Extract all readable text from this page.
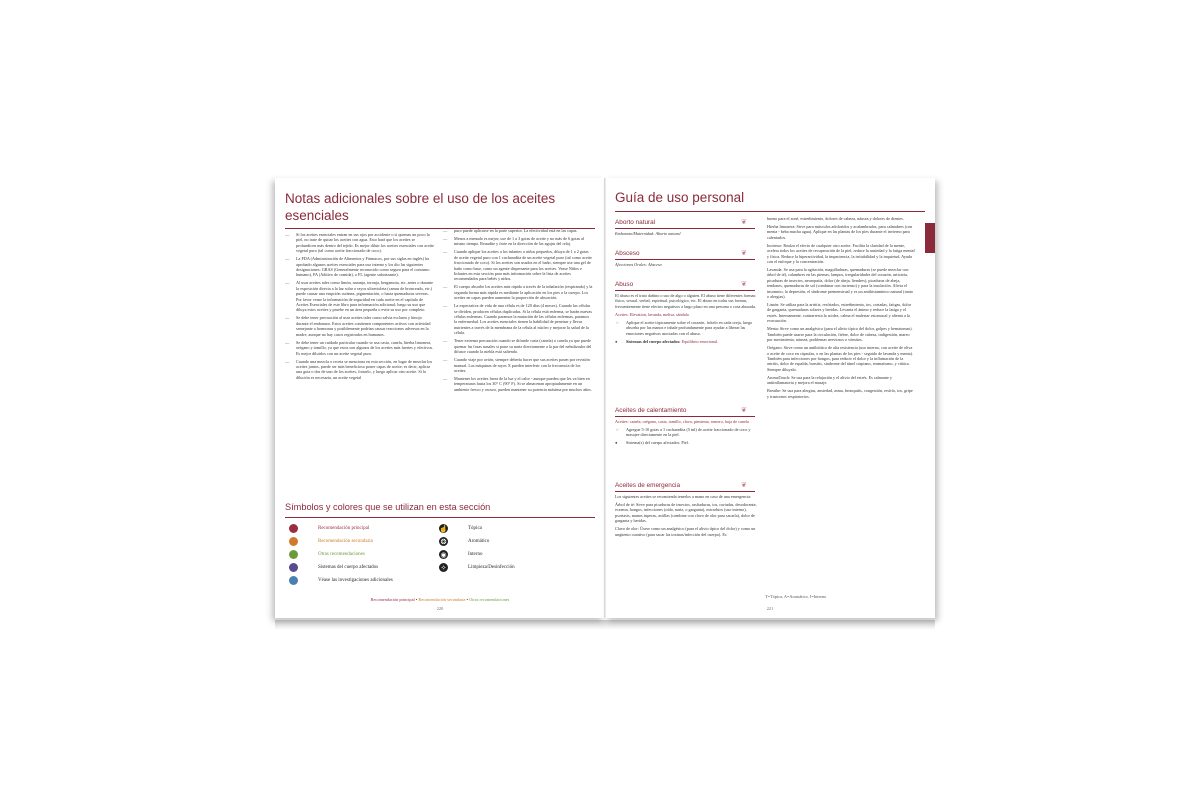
Notas adicionales sobre el uso de los aceites esenciales
—	Si los aceites esenciales entran en sus ojos por accidente o si quemas un poco la piel, no trate de quitar los aceites con agua. Esto hará que los aceites se profundicen más dentro del tejido. Es mejor diluir los aceites esenciales con aceite vegetal puro (tal como aceite fraccionado de coco).
—	La FDA (Administración de Alimentos y Fármacos, por sus siglas en inglés) ha aprobado algunos aceites esenciales para uso interno y los dio las siguientes designaciones: GRAS (Generalmente reconocido como seguro para el consumo humano), FA (Aditivo de comida), o FL (agente saborizante).
—	Al usar aceites tales como limón, naranja, toronja, bergamota, etc. antes o durante la exposición directa a la luz solar o rayos ultravioleta (camas de bronceado, etc.) puede causar una erupción cutánea, pigmentación, o hasta quemaduras severas. Por favor vease la información de seguridad en cada aceite en el capítulo de Aceites Esenciales de este libro para información adicional; luego su uso que diluya estos aceites y pruebe en un área pequeña o evite su uso por completo.
—	Se debe tener precaución al usar aceites tales como salvia esclarea y hinojo durante el embarazo. Estos aceites contienen componentes activos con actividad semejante a hormonas y posiblemente podrían causar reacciones adversas en la madre, aunque no hay casos registrados en humanos.
—	Se debe tener un cuidado particular cuando se usa casia, canela, hierba limonera, orégano y tomillo, ya que estos son algunos de los aceites más fuertes y efectivos. Es mejor diluirlos con un aceite vegetal puro.
—	Cuando una mezcla o receta se menciona en esta sección, en lugar de mezclar los aceites juntos, puede ser más beneficioso poner capas de aceite; es decir, aplicar una gota o dos de uno de los aceites, frotarlo, y luego aplicar otro aceite. Si la dilución es necesaria, un aceite vegetal
—	puro puede aplicarse en la parte superior. La efectividad está en las capas.
—	Menos a menudo es mejor; use de 1 a 3 gotas de aceite y no más de 6 gotas al mismo tiempo. Reaudite y frote en la dirección de las agujas del reloj.
—	Cuando aplique los aceites a los infantes o niños pequeños, diluya de 1 a 2 gotas de aceite vegetal puro con 1 cucharadita de un aceite vegetal puro (tal como aceite fraccionado de coco). Si los aceites son usados en el baño, siempre use una gel de baño como base, como un agente dispersante para los aceites. Vease Niños e Infantes en esta sección para más información sobre la lista de aceites recomendados para bebés y niños.
—	El cuerpo absorbe los aceites más rápido a través de la inhalación (respirando) y la segunda forma más rápida es mediante la aplicación en los pies o la cuerpo. Los aceites en capas pueden aumentar la proporción de absorción.
—	La expectativa de vida de una célula es de 120 días (4 meses). Cuando las células se dividen, producen células duplicadas. Si la célula está enferma, se harán nuevas células enfermas. Cuando paramos la mutación de las células enfermas, paramos la enfermedad. Los aceites esenciales tienen la habilidad de penetrar y llevar nutrientes a través de la membrana de la célula al núcleo y mejorar la salud de la célula.
—	Tener extrema precaución cuando se difunde casia (canela) o canela ya que puede quemar las fosas nasales si pone su nariz directamente a la par del nebulizador del difusor cuando la niebla está saliendo.
—	Cuando viaje por avión, siempre debería hacer que sus aceites pasen por revisión manual. Las máquinas de rayos X pueden interferir con la frecuencia de los aceites.
—	Mantener los aceites fuera de la luz y el calor - aunque pueden que les va bien en temperaturas hasta los 30° C (90° F). Si se almacenan apropiadamente en un ambiente fresco y oscuro, pueden mantener su potencia máxima por muchos años.
Símbolos y colores que se utilizan en esta sección
Recomendación principal
Recomendación secundaria
Otras recomendaciones
Sistemas del cuerpo afectados
Véase las investigaciones adicionales
☝	Tópica
❂	Aromático
◉	Interno
✧	Limpieza/Desinfección
Recomendación principal • Recomendación secundaria • Otras recomendaciones
220
Guía de uso personal
Aborto natural	❦
Embarazo/Maternidad: Aborto natural
Absceso	❦
Afecciones Orales: Absceso
Abuso	❦

El abuso es el trato dañino o uso de algo o alguien. El abuso tiene diferentes formas: físico, sexual, verbal, espiritual, psicológico, etc. El abuso en todas sus formas, frecuentemente tiene efectos negativos a largo plazo en una persona o cosa abusada.

Aceites: Elevation, lavanda, melisa, sándalo

☜	Aplique el aceite tópicamente sobre el corazón, frótelo en cada oreja, luego absorba por las manos e inhale profundamente para ayudar a liberar las emociones negativas asociadas con el abuso.
●	Sistemas del cuerpo afectados: Equilibrio emocional.
Aceites de calentamiento	❦

Aceites: canela, orégano, casia, tomillo, clavo, pimienta, romero, hoja de canela

☜	Agregue 5-10 gotas a 1 cucharadita (5 ml) de aceite fraccionado de coco y masajee directamente en la piel.
●	Sistema(s) del cuerpo afectados: Piel.
Aceites de emergencia	❦

Los siguientes aceites se recomienda tenerlos a mano en caso de una emergencia:

Árbol de té: Sirve para picaduras de insectos, rasfiaduras, tos, cortadas, desodorante, eczema, hongos, infecciones (oído, nariz, o garganta), microbios (uso interno), psoriasis, manos ásperas, astillas (combine con clavo de olor para sacarla), dolor de garganta y heridas.

Clavo de olor: Úsese como un analgésico (para el alivio típico del dolor) y como un ungüento curativo (para sacar las toxinas/infección del cuerpo). Es

bueno para el acné, estreñimiento, dolores de cabeza, náusea y dolores de dientes.

Hierba limonera: Sirve para músculos adoloridos y acalambrados, para calambres (con menta - beba mucha agua). Aplique en las plantas de los pies durante el invierno para calentarlos.

Incienso: Realza el efecto de cualquier otro aceite. Facilita la claridad de la mente, acelera todos los aceites de recuperación de la piel, reduce la ansiedad y la fatiga mental y física. Reduce la hiperactividad, la impaciencia, la irritabilidad y la inquietud. Ayuda con el enfoque y la concentración.

Lavanda: Se usa para la agitación, magulladuras, quemaduras (se puede mezclar con árbol de té), calambres en las piernas, lampos, irregularidades del corazón, urticaria, picaduras de insectos, neuropatía, dolor (de abeja, liendres), picaduras de abeja, tendones, quemaduras de sol (combinar con incienso) y para la insolación. Alivia el insomnio, la depresión, el síndrome premenstrual y es un antihistamínico natural (tanto o alergias).

Limón: Se utiliza para la artritis, resfriados, estreñimiento, tos, cortadas, fatigas, dolor de garganta, quemaduras solares y heridas. Levanta el ánimo y reduce la fatiga y el estrés. Internamente, contrarresta la acidez, calma el malestar estomacal y alienta a la evacuación.

Menta: Sirve como un analgésico (para el alivio típico del dolor, golpes y hematomas). También puede usarse para la circulación, fiebre, dolor de cabeza, indigestión, mareo por movimiento, náusea, problemas nerviosos o vómitos.

Orégano: Sirve como un antibiótico de alta resistencia (uso interno, con aceite de oliva o aceite de coco en cápsulas, o en las plantas de los pies - seguido de lavanda y menta). También para infecciones por hongos, para reducir el dolor y la inflamación de la artritis, dolor de espalda, bursitis, síndrome del túnel carpiano, reumatismo, y ciática. Siempre diluyalo.

AromaTouch: Se usa para la relajación y el alivio del estrés. Es calmante y antiinflamatoria y mejora el masaje.

Breathe: Se usa para alergias, ansiedad, asma, bronquitis, congestión, resfrío, tos, gripe y trastornos respiratorios.

T=Tópica, A=Aromático, I=Interno
221
